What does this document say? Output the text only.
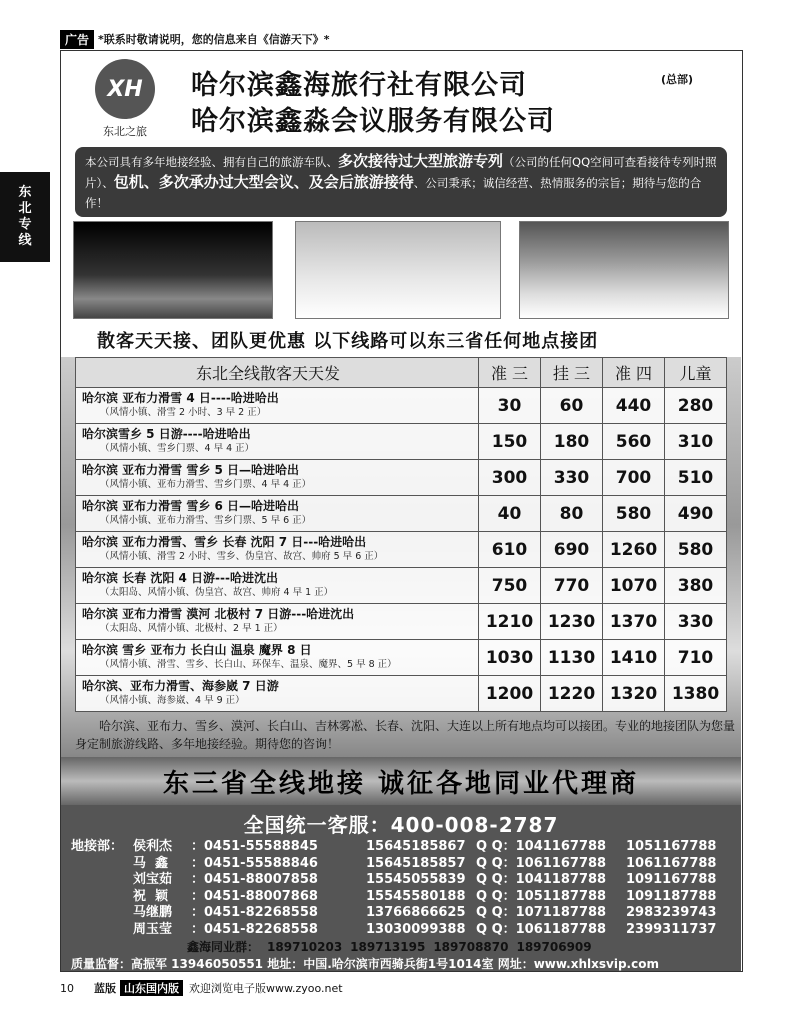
广告 *联系时敬请说明，您的信息来自《信游天下》*
东
北
专
线
XH
东北之旅
哈尔滨鑫海旅行社有限公司	(总部)
哈尔滨鑫淼会议服务有限公司
本公司具有多年地接经验、拥有自己的旅游车队、多次接待过大型旅游专列（公司的任何QQ空间可查看接待专列时照片）、包机、多次承办过大型会议、及会后旅游接待、公司秉承；诚信经营、热情服务的宗旨；期待与您的合作！
散客天天接、团队更优惠 以下线路可以东三省任何地点接团
东北全线散客天天发	准 三	挂 三	准 四	儿童

哈尔滨 亚布力滑雪 4 日----哈进哈出
（风情小镇、滑雪 2 小时、3 早 2 正）	30	60	440	280

哈尔滨雪乡 5 日游----哈进哈出
（风情小镇、雪乡门票、4 早 4 正）	150	180	560	310

哈尔滨 亚布力滑雪 雪乡 5 日—哈进哈出
（风情小镇、亚布力滑雪、雪乡门票、4 早 4 正）	300	330	700	510

哈尔滨 亚布力滑雪 雪乡 6 日—哈进哈出
（风情小镇、亚布力滑雪、雪乡门票、5 早 6 正）	40	80	580	490

哈尔滨 亚布力滑雪、雪乡 长春 沈阳 7 日---哈进哈出
（风情小镇、滑雪 2 小时、雪乡、伪皇宫、故宫、帅府 5 早 6 正）	610	690	1260	580

哈尔滨 长春 沈阳 4 日游---哈进沈出
（太阳岛、风情小镇、伪皇宫、故宫、帅府 4 早 1 正）	750	770	1070	380

哈尔滨 亚布力滑雪 漠河 北极村 7 日游---哈进沈出
（太阳岛、风情小镇、北极村、2 早 1 正）	1210	1230	1370	330

哈尔滨 雪乡 亚布力 长白山 温泉 魔界 8 日
（风情小镇、滑雪、雪乡、长白山、环保车、温泉、魔界、5 早 8 正）	1030	1130	1410	710

哈尔滨、亚布力滑雪、海参崴 7 日游
（风情小镇、海参崴、4 早 9 正）	1200	1220	1320	1380
哈尔滨、亚布力、雪乡、漠河、长白山、吉林雾凇、长春、沈阳、大连以上所有地点均可以接团。专业的地接团队为您量身定制旅游线路、多年地接经验。期待您的咨询！
东三省全线地接 诚征各地同业代理商
全国统一客服：400-008-2787
地接部： 侯利杰	：0451-55588845	15645185867 Q Q：1041167788	1051167788
马  鑫	：0451-55588846	15645185857 Q Q：1061167788	1061167788
刘宝茹	：0451-88007858	15545055839 Q Q：1041187788	1091167788
祝  颖	：0451-88007868	15545580188 Q Q：1051187788	1091187788
马继鹏	：0451-82268558	13766866625 Q Q：1071187788	2983239743
周玉莹	：0451-82268558	13030099388 Q Q：1061187788	2399311737
鑫海同业群： 189710203 189713195 189708870 189706909
质量监督：高振军 13946050551 地址：中国.哈尔滨市西骑兵街1号1014室 网址：www.xhlxsvip.com
10 蓝版 山东国内版 欢迎浏览电子版www.zyoo.net
